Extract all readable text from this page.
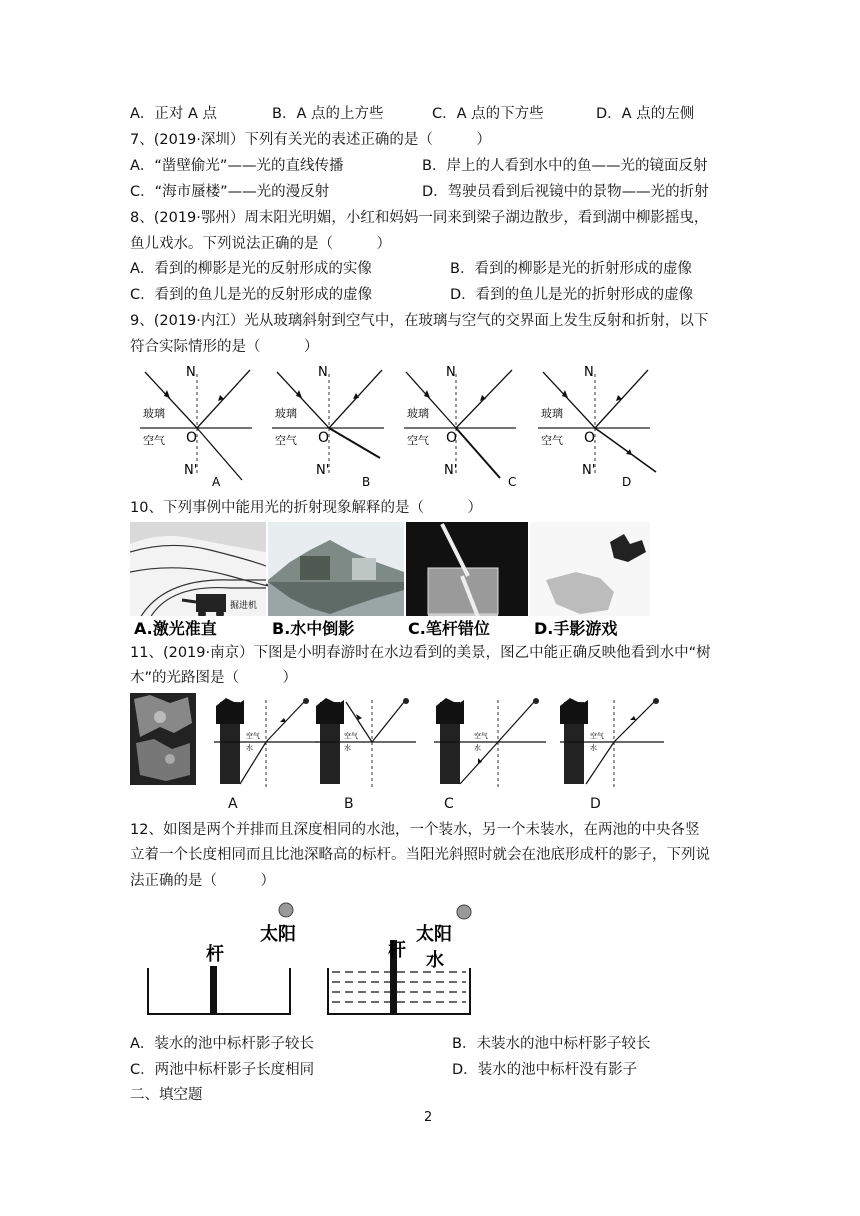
A．正对 A 点	B．A 点的上方些	C．A 点的下方些	D．A 点的左侧
7、(2019·深圳）下列有关光的表述正确的是（　　　）
A．“凿壁偷光”——光的直线传播	B．岸上的人看到水中的鱼——光的镜面反射
C．“海市蜃楼”——光的漫反射	D．驾驶员看到后视镜中的景物——光的折射
8、(2019·鄂州）周末阳光明媚，小红和妈妈一同来到梁子湖边散步，看到湖中柳影摇曳，
鱼儿戏水。下列说法正确的是（　　　）
A．看到的柳影是光的反射形成的实像	B．看到的柳影是光的折射形成的虚像
C．看到的鱼儿是光的反射形成的虚像	D．看到的鱼儿是光的折射形成的虚像
9、(2019·内江）光从玻璃斜射到空气中，在玻璃与空气的交界面上发生反射和折射，以下
符合实际情形的是（　　　）
N
N'
O
玻璃
空气
A
N
N'
O
玻璃
空气
B
N
N'
O
玻璃
空气
C
N
N'
O
玻璃
空气
D
10、下列事例中能用光的折射现象解释的是（　　　）
掘进机
A.激光准直	B.水中倒影	C.笔杆错位	D.手影游戏
11、(2019·南京）下图是小明春游时在水边看到的美景，图乙中能正确反映他看到水中“树
木”的光路图是（　　　）
空气
水
空气
水
空气
水
空气
水
A	B	C	D
12、如图是两个并排而且深度相同的水池，一个装水，另一个未装水，在两池的中央各竖
立着一个长度相同而且比池深略高的标杆。当阳光斜照时就会在池底形成杆的影子，下列说
法正确的是（　　　）
杆
太阳
杆
太阳
水
A．装水的池中标杆影子较长	B．未装水的池中标杆影子较长
C．两池中标杆影子长度相同	D．装水的池中标杆没有影子
二、填空题
2
